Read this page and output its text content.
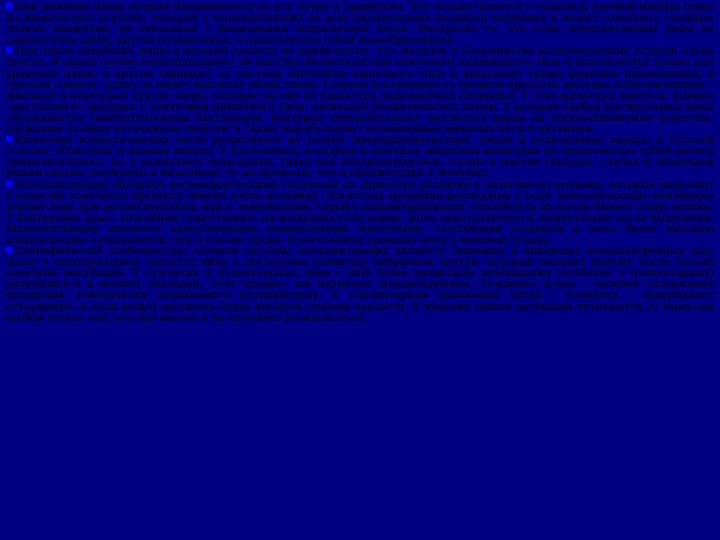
При жевании пища должна перемещаться во рту точно и правильно. Это осуществляется с помощью щечной мышцы (одна из мимических) и языка, который у млекопитающих во всех направлениях пронизан мышцами и может совершать сложные точные движения, не связанные с движениями подъязычной кости. Интересно то, что язык млекопитающих даже не гомологичен языку других позвоночных, а представляет собой новообразование.

При такой обработке пищи в ротовой полости не удивительно, что желудок у большинства млекопитающих устроен очень просто. В одном случае (однопроходные) он выстлан безжелезистым эпителием пищеводного типа и используется только для хранения пищи, в другом (хищные) он выстлан эпителием кишечного типа и выполняет также функцию пищеварения, в третьем (свиньи, люди) он имеет выстилку обоих типов. Главное исключение из правила простоты желудка млекопитающих – жвачные и некоторые другие звери, похожие на них по характеру пищеварения (ленивцы). У этих животных имеется, помимо «настоящего» желудка с эпителием кишечного типа, несколько безжелезистых камер, в которых грубая растительная пища сбраживается симбиотическими бактериями. Бактерии перерабатывают целлюлозу корма на легкоусваиваемые вещества, служащие хозяину источником энергии, а также вырабатывают незаменимые аминокислоты и витамины.

Кишечник млекопитающих четко разделяется на тонкий (двенадцатиперстная, тощая и подвздошная кишка) и толстый (слепая, ободочная и прямая кишка). У плотоядных, всеядных и жвачных животных кишечник не представляет собой ничего примечательного, но у нежвачных травоядных, таких как непарнокопытные, слоны и многие грызуны, слепая и ободочная кишки сильно увеличены и выполняют ту же функцию, что и преджелудки у жвачных.

Млекопитающие обладают метанефрическими (тазовыми по характеру развития в онтогенезе) почками, которые выделяют в качестве конечного продукта обмена азота мочевину. Поскольку мочевина растворима в воде, млекопитающие неизбежно теряют воду при мочеиспускании, как и земноводные. Однако концентрирующая способность их почек бывает очень велика. У кенгуровых крыс, способных существовать на воздушносухом корме, моча кристаллизуется моментально после выделения. Млекопитающие являются единственными позвоночными животными, способными создавать в моче более высокую концентрацию электролитов, чем в плазме крови. Мочеточники проводят мочу в мочевой пузырь.

Специфической особенностью половой системы млекопитающих является задержка в яйцеводах оплодотворённых яиц. Даже у однопроходных сносятся яйца с достаточно развитым эмбрионом внутри, который выходит наружу после весьма короткой инкубации. У сумчатых и плацентарных яйца с ещё более развитыми детёнышами (особенно у плацентарных) разрушаются в момент откладки. Этот процесс мы называем живорождением. Рождение плода – явление отторжения организма, генетически чужеродного материнскому. У плацентарных временный орган – плацента – задерживает отторжение, и плод может достигать очень высокой степени зрелости. У морских свинок детёныши отличаются от взрослых особей только тем, что они мельче и не способны размножаться.
